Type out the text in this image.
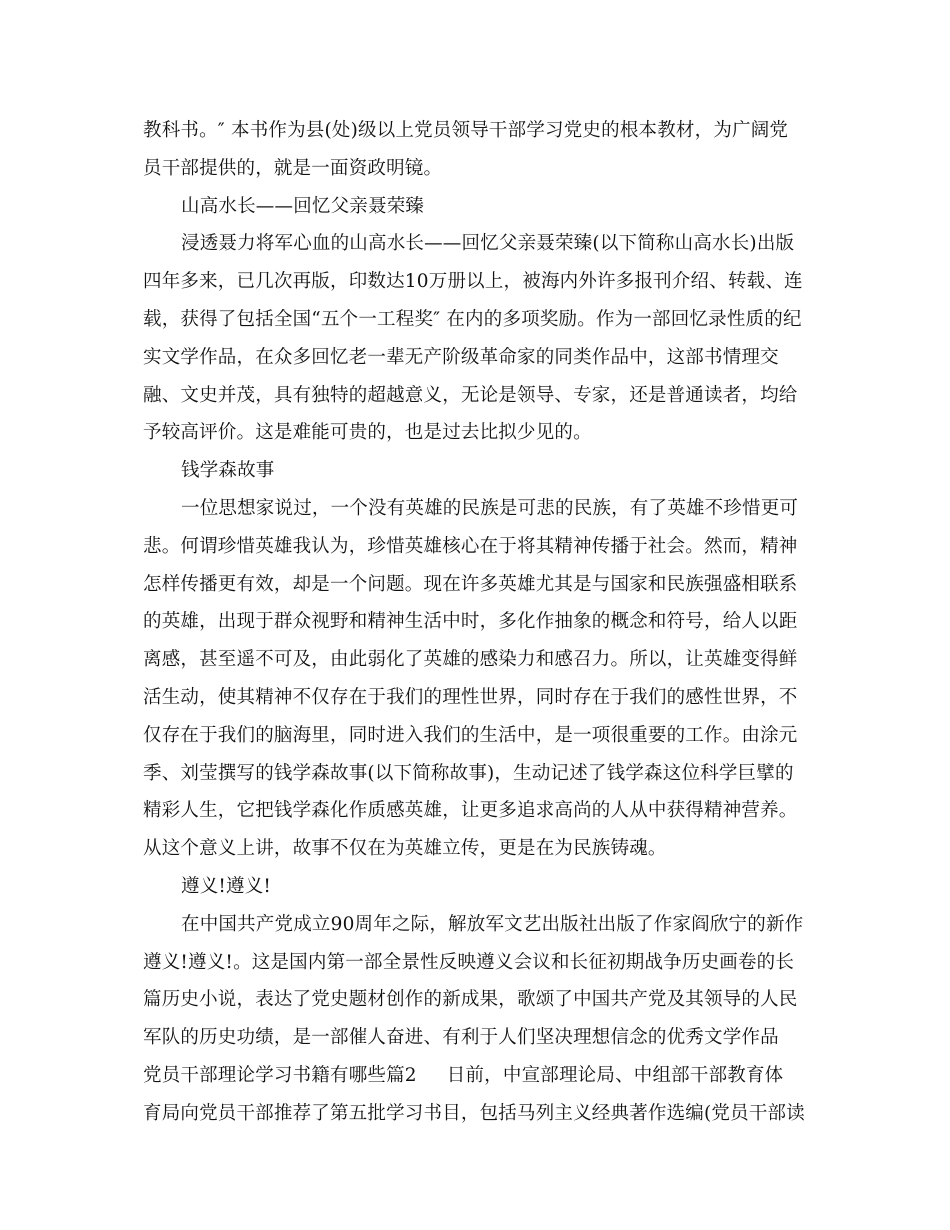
教科书。″ 本书作为县(处)级以上党员领导干部学习党史的根本教材，为广阔党
员干部提供的，就是一面资政明镜。
山高水长——回忆父亲聂荣臻
浸透聂力将军心血的山高水长——回忆父亲聂荣臻(以下简称山高水长)出版
四年多来，已几次再版，印数达10万册以上，被海内外许多报刊介绍、转载、连
载，获得了包括全国“五个一工程奖″ 在内的多项奖励。作为一部回忆录性质的纪
实文学作品，在众多回忆老一辈无产阶级革命家的同类作品中，这部书情理交
融、文史并茂，具有独特的超越意义，无论是领导、专家，还是普通读者，均给
予较高评价。这是难能可贵的，也是过去比拟少见的。
钱学森故事
一位思想家说过，一个没有英雄的民族是可悲的民族，有了英雄不珍惜更可
悲。何谓珍惜英雄我认为，珍惜英雄核心在于将其精神传播于社会。然而，精神
怎样传播更有效，却是一个问题。现在许多英雄尤其是与国家和民族强盛相联系
的英雄，出现于群众视野和精神生活中时，多化作抽象的概念和符号，给人以距
离感，甚至遥不可及，由此弱化了英雄的感染力和感召力。所以，让英雄变得鲜
活生动，使其精神不仅存在于我们的理性世界，同时存在于我们的感性世界，不
仅存在于我们的脑海里，同时进入我们的生活中，是一项很重要的工作。由涂元
季、刘莹撰写的钱学森故事(以下简称故事)，生动记述了钱学森这位科学巨擘的
精彩人生，它把钱学森化作质感英雄，让更多追求高尚的人从中获得精神营养。
从这个意义上讲，故事不仅在为英雄立传，更是在为民族铸魂。
遵义!遵义!
在中国共产党成立90周年之际，解放军文艺出版社出版了作家阎欣宁的新作
遵义!遵义!。这是国内第一部全景性反映遵义会议和长征初期战争历史画卷的长
篇历史小说，表达了党史题材创作的新成果，歌颂了中国共产党及其领导的人民
军队的历史功绩，是一部催人奋进、有利于人们坚决理想信念的优秀文学作品
党员干部理论学习书籍有哪些篇2 日前，中宣部理论局、中组部干部教育体
育局向党员干部推荐了第五批学习书目，包括马列主义经典著作选编(党员干部读
